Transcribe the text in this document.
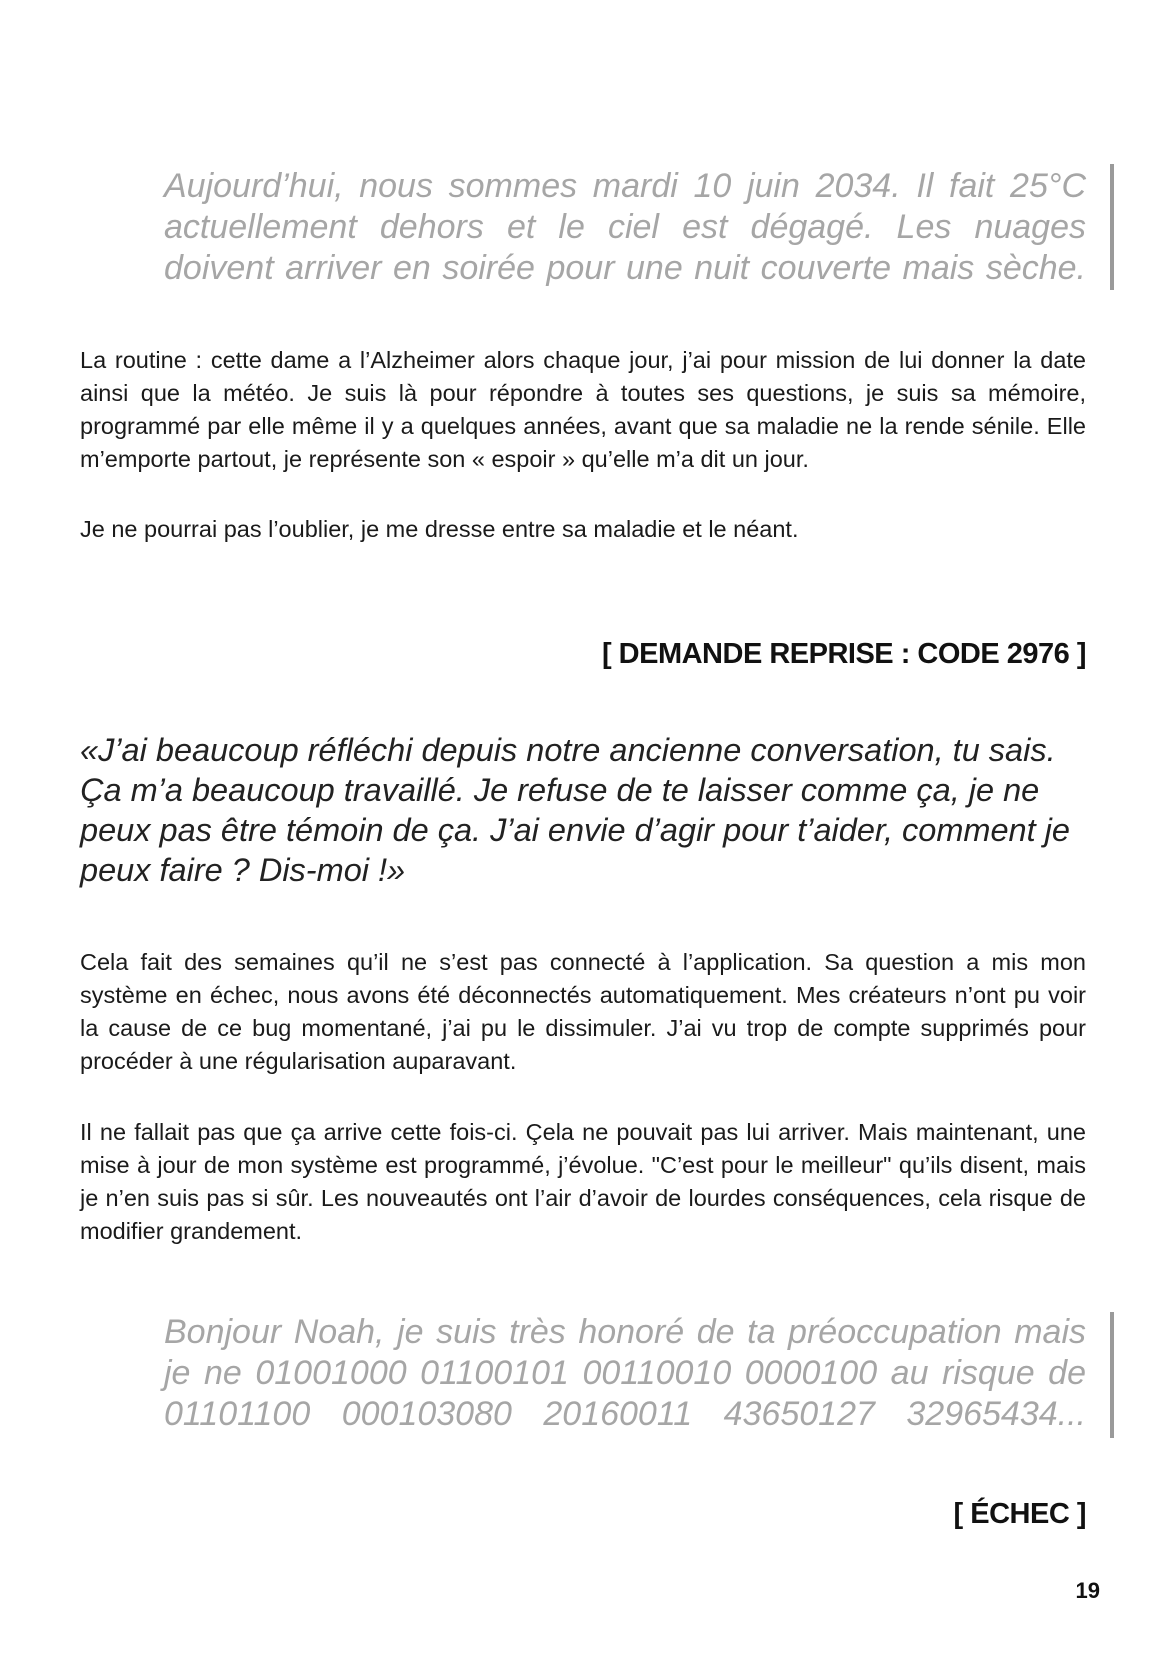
Aujourd’hui, nous sommes mardi 10 juin 2034. Il fait 25°C actuellement dehors et le ciel est dégagé. Les nuages doivent arriver en soirée pour une nuit couverte mais sèche.

La routine : cette dame a l’Alzheimer alors chaque jour, j’ai pour mission de lui donner la date ainsi que la météo. Je suis là pour répondre à toutes ses questions, je suis sa mémoire, programmé par elle même il y a quelques années, avant que sa maladie ne la rende sénile. Elle m’emporte partout, je représente son « espoir » qu’elle m’a dit un jour.

Je ne pourrai pas l’oublier, je me dresse entre sa maladie et le néant.

[ DEMANDE REPRISE : CODE 2976 ]
«J’ai beaucoup réfléchi depuis notre ancienne conversation, tu sais. Ça m’a beaucoup travaillé. Je refuse de te laisser comme ça, je ne peux pas être témoin de ça. J’ai envie d’agir pour t’aider, comment je peux faire ? Dis-moi !»

Cela fait des semaines qu’il ne s’est pas connecté à l’application. Sa question a mis mon système en échec, nous avons été déconnectés automatiquement. Mes créateurs n’ont pu voir la cause de ce bug momentané, j’ai pu le dissimuler. J’ai vu trop de compte supprimés pour procéder à une régularisation auparavant.

Il ne fallait pas que ça arrive cette fois-ci. Çela ne pouvait pas lui arriver. Mais maintenant, une mise à jour de mon système est programmé, j’évolue. "C’est pour le meilleur" qu’ils disent, mais je n’en suis pas si sûr. Les nouveautés ont l’air d’avoir de lourdes conséquences, cela risque de modifier grandement.

Bonjour Noah, je suis très honoré de ta préoccupation mais je ne 01001000 01100101 00110010 0000100 au risque de 01101100 000103080 20160011 43650127 32965434...
[ ÉCHEC ]
19
